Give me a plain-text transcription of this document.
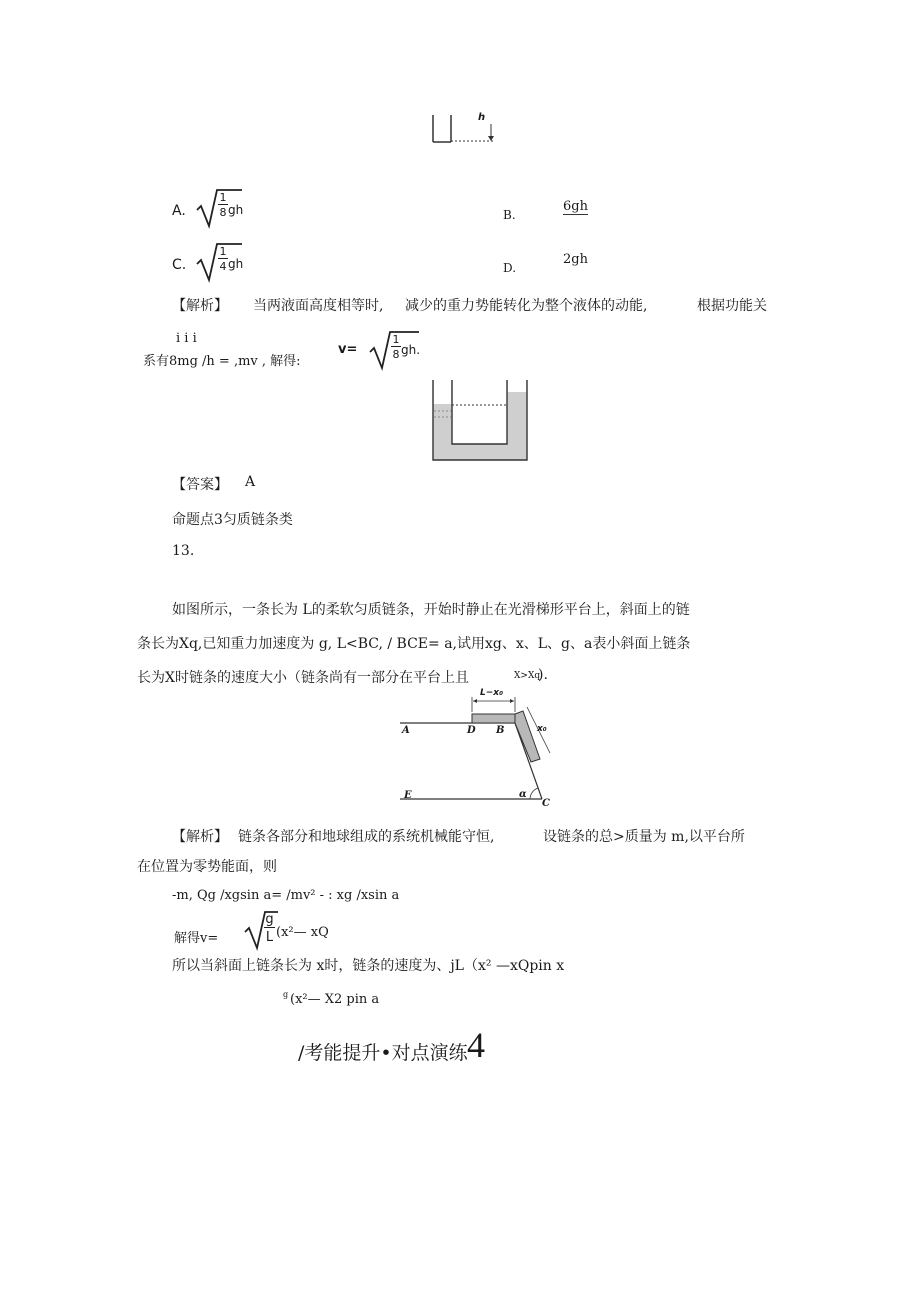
h
A.
1
8 gh	B.
6gh
C.
1
4 gh	D.
2gh
【解析】 当两液面高度相等时, 减少的重力势能转化为整个液体的动能,	根据功能关
i i i
系有8mg /h = ,mv , 解得:
v=
1
8 gh.
【答案】 A
命题点3匀质链条类
13.
如图所示，一条长为 L的柔软匀质链条，开始时静止在光滑梯形平台上，斜面上的链
条长为Xq,已知重力加速度为 g, L<BC, / BCE= a,试用xg、x、L、g、a表小斜面上链条
长为X时链条的速度大小（链条尚有一部分在平台上且	X>Xq
).
L−x₀
x₀
A	D B
E	α
C
【解析】 链条各部分和地球组成的系统机械能守恒,	设链条的总>质量为 m,以平台所
在位置为零势能面，则
-m, Qg /xgsin a= /mv² - : xg /xsin a
解得v=
g
L (x²— xQ
所以当斜面上链条长为 x时，链条的速度为、jL（x² —xQpin x
g (x²— X2 pin a
/考能提升•对点演练 4
